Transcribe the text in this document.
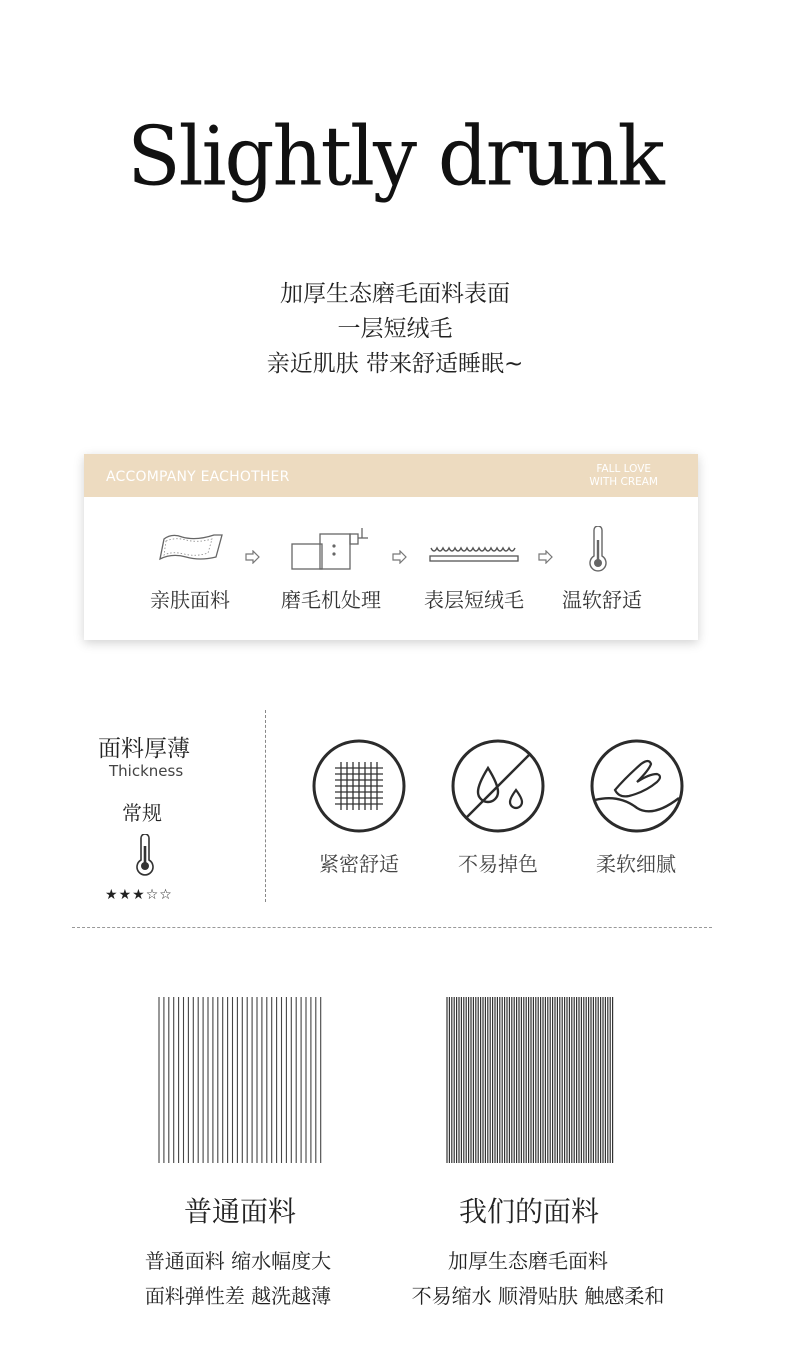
Slightly drunk
加厚生态磨毛面料表面
一层短绒毛
亲近肌肤 带来舒适睡眠~
ACCOMPANY EACHOTHER	FALL LOVE
WITH CREAM
亲肤面料	磨毛机处理	表层短绒毛	温软舒适
面料厚薄
Thickness
常规
★★★☆☆
紧密舒适	不易掉色	柔软细腻
普通面料	我们的面料
普通面料 缩水幅度大
面料弹性差 越洗越薄
加厚生态磨毛面料
不易缩水 顺滑贴肤 触感柔和
